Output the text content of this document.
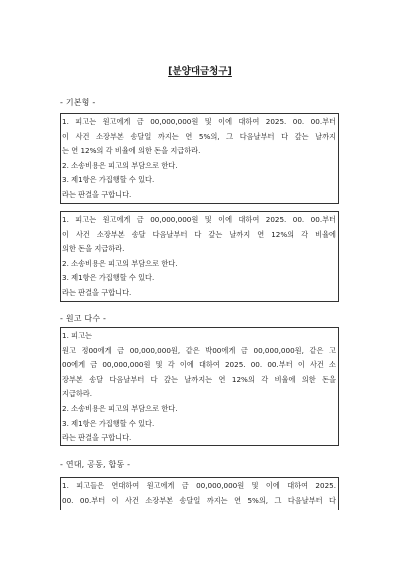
[분양대금청구]
- 기본형 -
1. 피고는 원고에게 금 00,000,000원 및 이에 대하여 2025. 00. 00.부터
이 사건 소장부본 송달일 까지는 연 5%의, 그 다음날부터 다 갚는 날까지
는 연 12%의 각 비율에 의한 돈을 지급하라.
2. 소송비용은 피고의 부담으로 한다.
3. 제1항은 가집행할 수 있다.
라는 판결을 구합니다.
1. 피고는 원고에게 금 00,000,000원 및 이에 대하여 2025. 00. 00.부터
이 사건 소장부본 송달 다음날부터 다 갚는 날까지 연 12%의 각 비율에
의한 돈을 지급하라.
2. 소송비용은 피고의 부담으로 한다.
3. 제1항은 가집행할 수 있다.
라는 판결을 구합니다.
- 원고 다수 -
1. 피고는
원고 정00에게 금 00,000,000원, 같은 박00에게 금 00,000,000원, 같은 고
00에게 금 00,000,000원 및 각 이에 대하여 2025. 00. 00.부터 이 사건 소
장부본 송달 다음날부터 다 갚는 날까지는 연 12%의 각 비율에 의한 돈을
지급하라.
2. 소송비용은 피고의 부담으로 한다.
3. 제1항은 가집행할 수 있다.
라는 판결을 구합니다.
- 연대, 공동, 합동 -
1. 피고들은 연대하여 원고에게 금 00,000,000원 및 이에 대하여 2025.
00. 00.부터 이 사건 소장부본 송달일 까지는 연 5%의, 그 다음날부터 다
